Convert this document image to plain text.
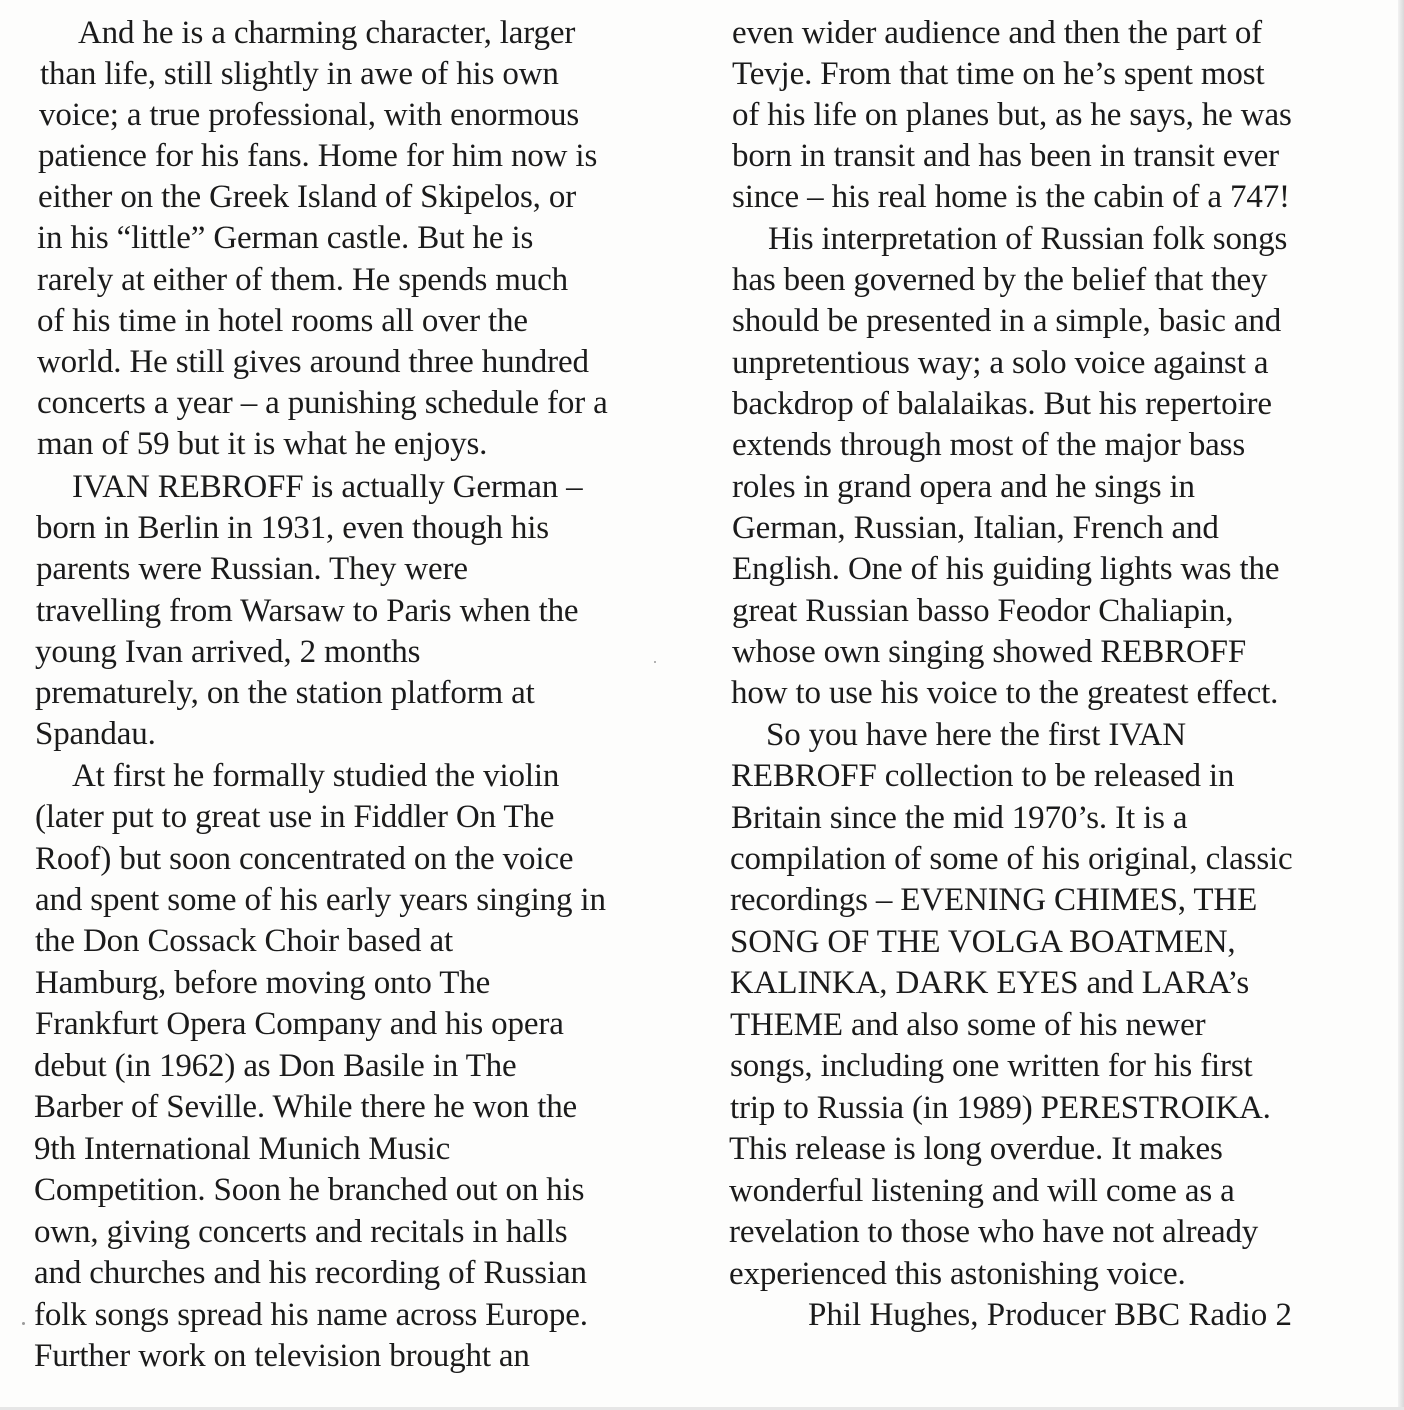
And he is a charming character, larger
than life, still slightly in awe of his own
voice; a true professional, with enormous
patience for his fans. Home for him now is
either on the Greek Island of Skipelos, or
in his “little” German castle. But he is
rarely at either of them. He spends much
of his time in hotel rooms all over the
world. He still gives around three hundred
concerts a year – a punishing schedule for a
man of 59 but it is what he enjoys.
IVAN REBROFF is actually German –
born in Berlin in 1931, even though his
parents were Russian. They were
travelling from Warsaw to Paris when the
young Ivan arrived, 2 months
prematurely, on the station platform at
Spandau.
At first he formally studied the violin
(later put to great use in Fiddler On The
Roof) but soon concentrated on the voice
and spent some of his early years singing in
the Don Cossack Choir based at
Hamburg, before moving onto The
Frankfurt Opera Company and his opera
debut (in 1962) as Don Basile in The
Barber of Seville. While there he won the
9th International Munich Music
Competition. Soon he branched out on his
own, giving concerts and recitals in halls
and churches and his recording of Russian
folk songs spread his name across Europe.
Further work on television brought an
even wider audience and then the part of
Tevje. From that time on he’s spent most
of his life on planes but, as he says, he was
born in transit and has been in transit ever
since – his real home is the cabin of a 747!
His interpretation of Russian folk songs
has been governed by the belief that they
should be presented in a simple, basic and
unpretentious way; a solo voice against a
backdrop of balalaikas. But his repertoire
extends through most of the major bass
roles in grand opera and he sings in
German, Russian, Italian, French and
English. One of his guiding lights was the
great Russian basso Feodor Chaliapin,
whose own singing showed REBROFF
how to use his voice to the greatest effect.
So you have here the first IVAN
REBROFF collection to be released in
Britain since the mid 1970’s. It is a
compilation of some of his original, classic
recordings – EVENING CHIMES, THE
SONG OF THE VOLGA BOATMEN,
KALINKA, DARK EYES and LARA’s
THEME and also some of his newer
songs, including one written for his first
trip to Russia (in 1989) PERESTROIKA.
This release is long overdue. It makes
wonderful listening and will come as a
revelation to those who have not already
experienced this astonishing voice.
Phil Hughes, Producer BBC Radio 2
